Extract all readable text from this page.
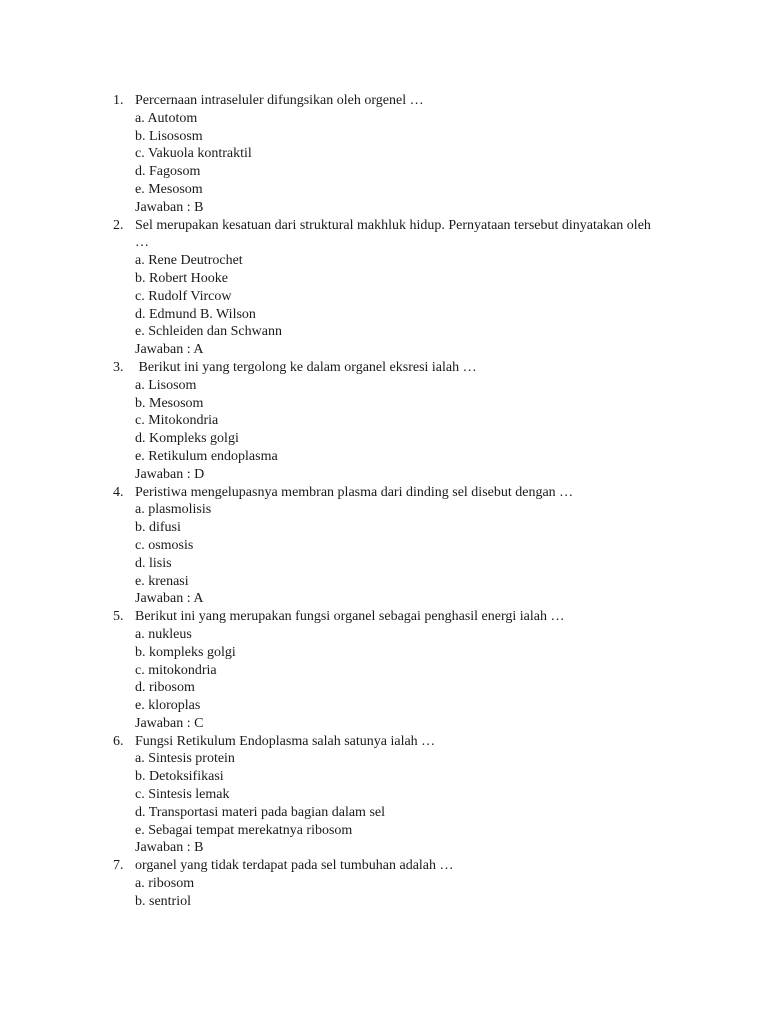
1. Percernaan intraseluler difungsikan oleh orgenel …
a. Autotom
b. Lisososm
c. Vakuola kontraktil
d. Fagosom
e. Mesosom
Jawaban : B
2. Sel merupakan kesatuan dari struktural makhluk hidup. Pernyataan tersebut dinyatakan oleh …
a. Rene Deutrochet
b. Robert Hooke
c. Rudolf Vircow
d. Edmund B. Wilson
e. Schleiden dan Schwann
Jawaban : A
3. Berikut ini yang tergolong ke dalam organel eksresi ialah …
a. Lisosom
b. Mesosom
c. Mitokondria
d. Kompleks golgi
e. Retikulum endoplasma
Jawaban : D
4. Peristiwa mengelupasnya membran plasma dari dinding sel disebut dengan …
a. plasmolisis
b. difusi
c. osmosis
d. lisis
e. krenasi
Jawaban : A
5. Berikut ini yang merupakan fungsi organel sebagai penghasil energi ialah …
a. nukleus
b. kompleks golgi
c. mitokondria
d. ribosom
e. kloroplas
Jawaban : C
6. Fungsi Retikulum Endoplasma salah satunya ialah …
a. Sintesis protein
b. Detoksifikasi
c. Sintesis lemak
d. Transportasi materi pada bagian dalam sel
e. Sebagai tempat merekatnya ribosom
Jawaban : B
7. organel yang tidak terdapat pada sel tumbuhan adalah …
a. ribosom
b. sentriol
